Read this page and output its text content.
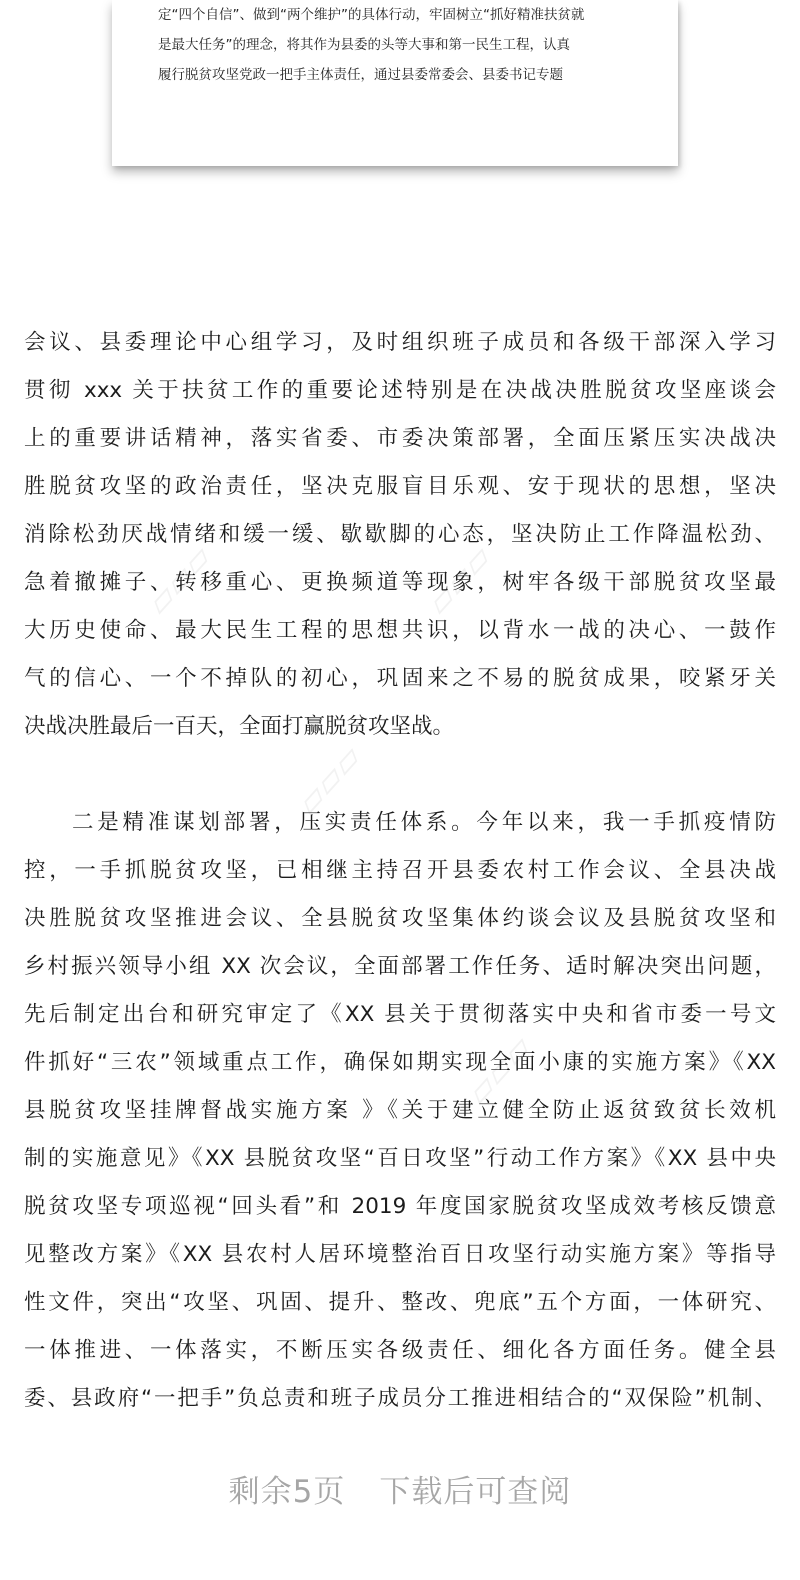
定“四个自信”、做到“两个维护”的具体行动，牢固树立“抓好精准扶贫就
是最大任务”的理念，将其作为县委的头等大事和第一民生工程，认真
履行脱贫攻坚党政一把手主体责任，通过县委常委会、县委书记专题
▱▱▱	▱▱▱
▱▱▱
▱▱▱
会议、县委理论中心组学习，及时组织班子成员和各级干部深入学习
贯彻 xxx 关于扶贫工作的重要论述特别是在决战决胜脱贫攻坚座谈会
上的重要讲话精神，落实省委、市委决策部署，全面压紧压实决战决
胜脱贫攻坚的政治责任，坚决克服盲目乐观、安于现状的思想，坚决
消除松劲厌战情绪和缓一缓、歇歇脚的心态，坚决防止工作降温松劲、
急着撤摊子、转移重心、更换频道等现象，树牢各级干部脱贫攻坚最
大历史使命、最大民生工程的思想共识，以背水一战的决心、一鼓作
气的信心、一个不掉队的初心，巩固来之不易的脱贫成果，咬紧牙关
决战决胜最后一百天，全面打赢脱贫攻坚战。
二是精准谋划部署，压实责任体系。今年以来，我一手抓疫情防
控，一手抓脱贫攻坚，已相继主持召开县委农村工作会议、全县决战
决胜脱贫攻坚推进会议、全县脱贫攻坚集体约谈会议及县脱贫攻坚和
乡村振兴领导小组 XX 次会议，全面部署工作任务、适时解决突出问题，
先后制定出台和研究审定了《XX 县关于贯彻落实中央和省市委一号文
件抓好“三农”领域重点工作，确保如期实现全面小康的实施方案》《XX
县脱贫攻坚挂牌督战实施方案 》《关于建立健全防止返贫致贫长效机
制的实施意见》《XX 县脱贫攻坚“百日攻坚”行动工作方案》《XX 县中央
脱贫攻坚专项巡视“回头看”和 2019 年度国家脱贫攻坚成效考核反馈意
见整改方案》《XX 县农村人居环境整治百日攻坚行动实施方案》等指导
性文件，突出“攻坚、巩固、提升、整改、兜底”五个方面，一体研究、
一体推进、一体落实，不断压实各级责任、细化各方面任务。健全县
委、县政府“一把手”负总责和班子成员分工推进相结合的“双保险”机制、
剩余5页 下载后可查阅
